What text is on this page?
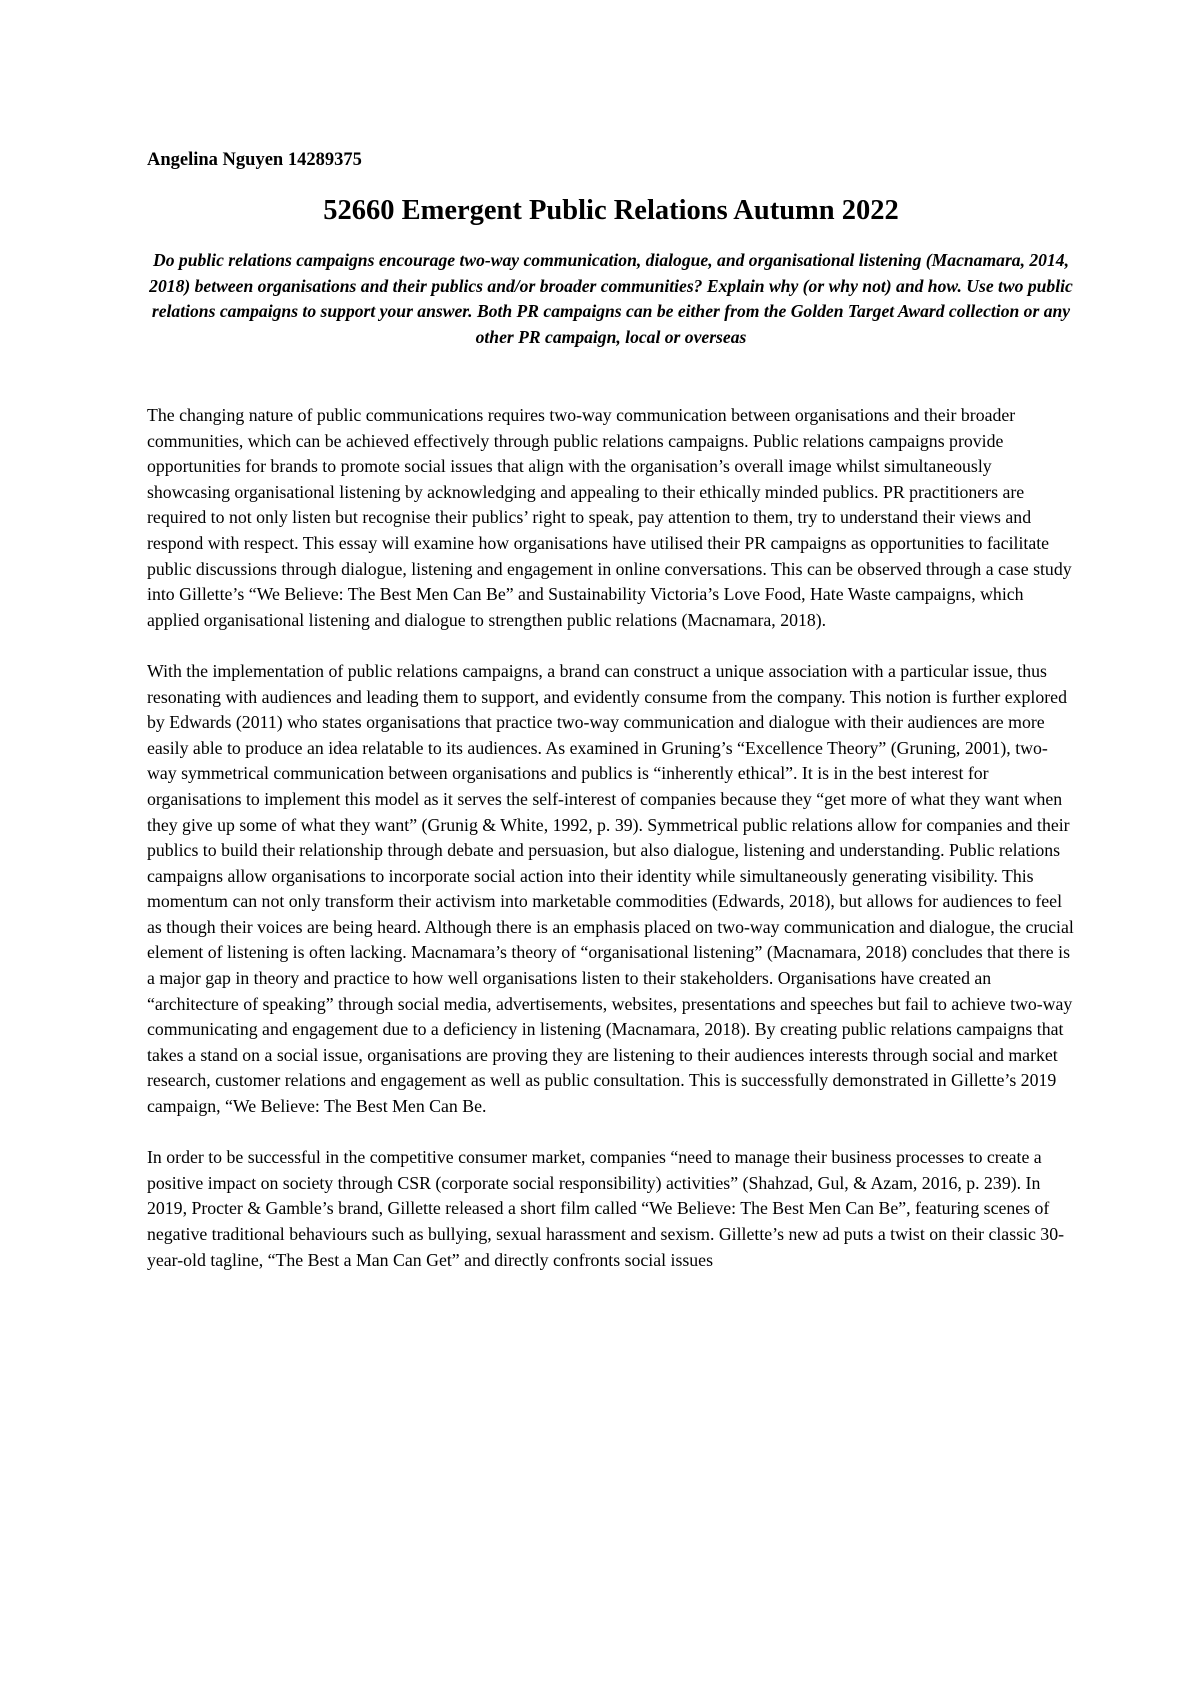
Angelina Nguyen 14289375
52660 Emergent Public Relations Autumn 2022
Do public relations campaigns encourage two-way communication, dialogue, and organisational listening (Macnamara, 2014, 2018) between organisations and their publics and/or broader communities? Explain why (or why not) and how. Use two public relations campaigns to support your answer. Both PR campaigns can be either from the Golden Target Award collection or any other PR campaign, local or overseas

The changing nature of public communications requires two-way communication between organisations and their broader communities, which can be achieved effectively through public relations campaigns. Public relations campaigns provide opportunities for brands to promote social issues that align with the organisation’s overall image whilst simultaneously showcasing organisational listening by acknowledging and appealing to their ethically minded publics. PR practitioners are required to not only listen but recognise their publics’ right to speak, pay attention to them, try to understand their views and respond with respect. This essay will examine how organisations have utilised their PR campaigns as opportunities to facilitate public discussions through dialogue, listening and engagement in online conversations. This can be observed through a case study into Gillette’s “We Believe: The Best Men Can Be” and Sustainability Victoria’s Love Food, Hate Waste campaigns, which applied organisational listening and dialogue to strengthen public relations (Macnamara, 2018).

With the implementation of public relations campaigns, a brand can construct a unique association with a particular issue, thus resonating with audiences and leading them to support, and evidently consume from the company. This notion is further explored by Edwards (2011) who states organisations that practice two-way communication and dialogue with their audiences are more easily able to produce an idea relatable to its audiences. As examined in Gruning’s “Excellence Theory” (Gruning, 2001), two-way symmetrical communication between organisations and publics is “inherently ethical”. It is in the best interest for organisations to implement this model as it serves the self-interest of companies because they “get more of what they want when they give up some of what they want” (Grunig & White, 1992, p. 39). Symmetrical public relations allow for companies and their publics to build their relationship through debate and persuasion, but also dialogue, listening and understanding. Public relations campaigns allow organisations to incorporate social action into their identity while simultaneously generating visibility. This momentum can not only transform their activism into marketable commodities (Edwards, 2018), but allows for audiences to feel as though their voices are being heard. Although there is an emphasis placed on two-way communication and dialogue, the crucial element of listening is often lacking. Macnamara’s theory of “organisational listening” (Macnamara, 2018) concludes that there is a major gap in theory and practice to how well organisations listen to their stakeholders. Organisations have created an “architecture of speaking” through social media, advertisements, websites, presentations and speeches but fail to achieve two-way communicating and engagement due to a deficiency in listening (Macnamara, 2018). By creating public relations campaigns that takes a stand on a social issue, organisations are proving they are listening to their audiences interests through social and market research, customer relations and engagement as well as public consultation. This is successfully demonstrated in Gillette’s 2019 campaign, “We Believe: The Best Men Can Be.

In order to be successful in the competitive consumer market, companies “need to manage their business processes to create a positive impact on society through CSR (corporate social responsibility) activities” (Shahzad, Gul, & Azam, 2016, p. 239). In 2019, Procter & Gamble’s brand, Gillette released a short film called “We Believe: The Best Men Can Be”, featuring scenes of negative traditional behaviours such as bullying, sexual harassment and sexism. Gillette’s new ad puts a twist on their classic 30-year-old tagline, “The Best a Man Can Get” and directly confronts social issues
